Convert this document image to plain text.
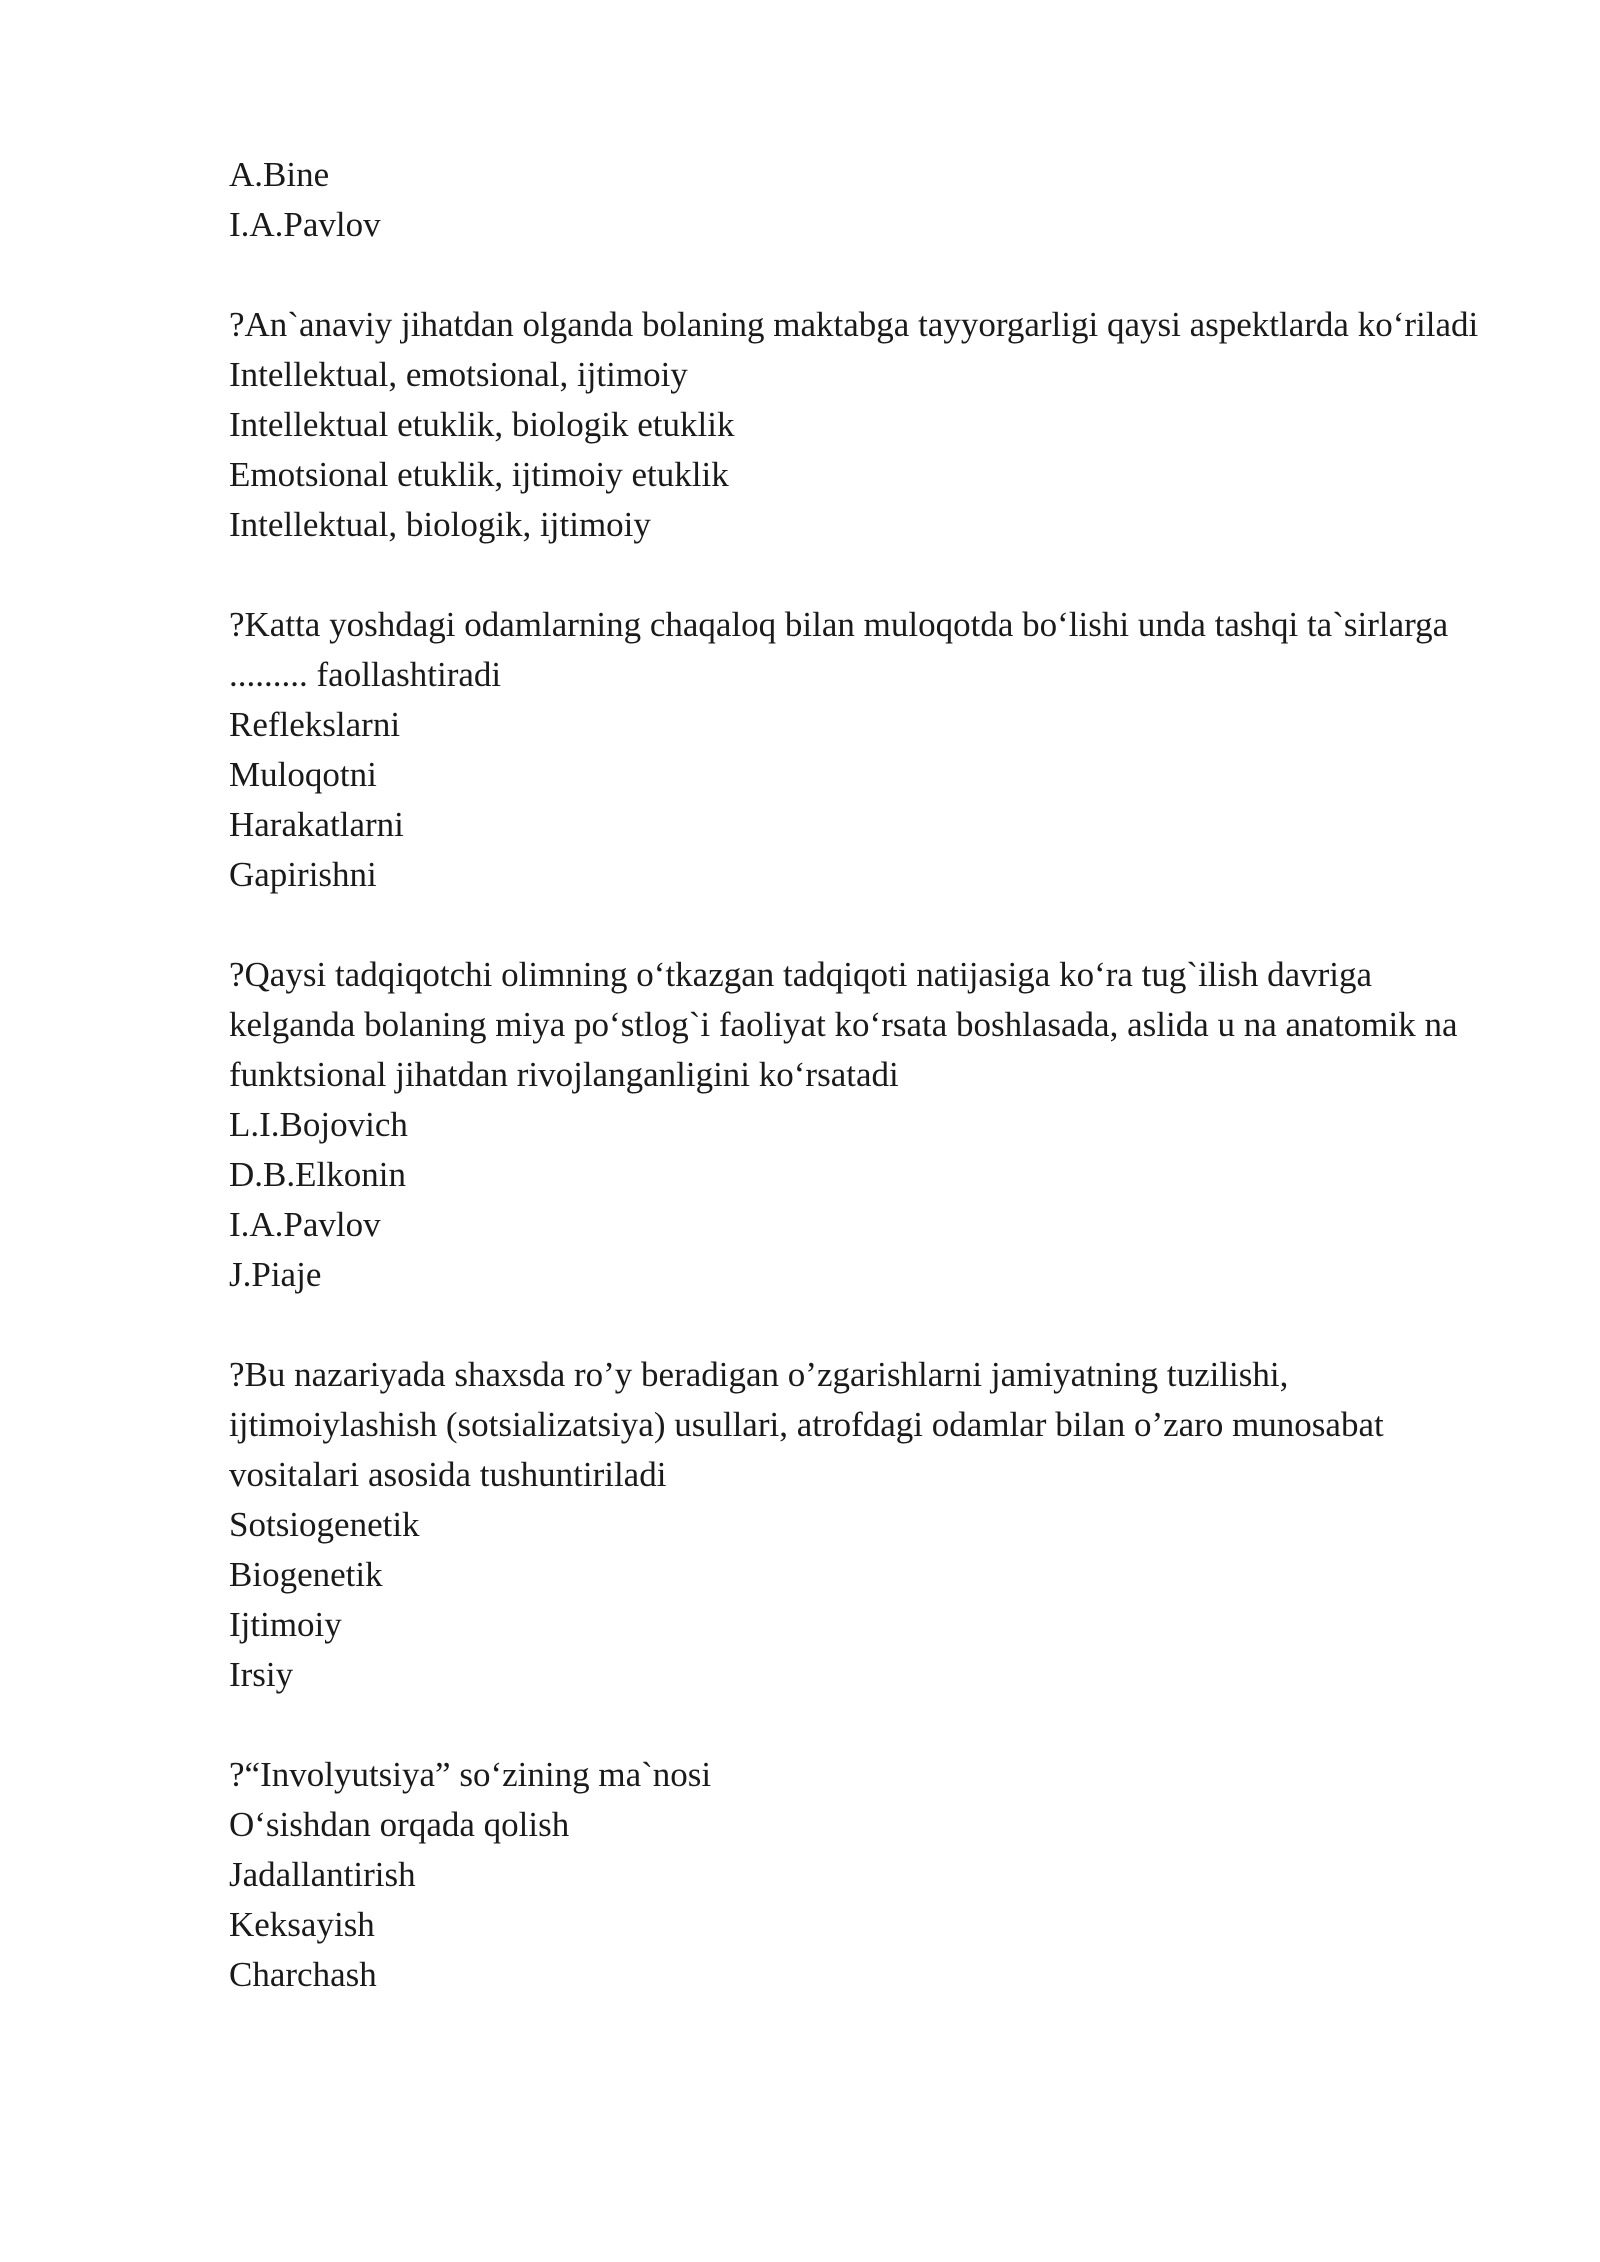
A.Bine

I.A.Pavlov

?An`anaviy jihatdan olganda bolaning maktabga tayyorgarligi qaysi aspektlarda ko‘riladi

Intellektual, emotsional, ijtimoiy

Intellektual etuklik, biologik etuklik

Emotsional etuklik, ijtimoiy etuklik

Intellektual, biologik, ijtimoiy

?Katta yoshdagi odamlarning chaqaloq bilan muloqotda bo‘lishi unda tashqi ta`sirlarga ......... faollashtiradi

Reflekslarni

Muloqotni

Harakatlarni

Gapirishni

?Qaysi tadqiqotchi olimning o‘tkazgan tadqiqoti natijasiga ko‘ra tug`ilish davriga kelganda bolaning miya po‘stlog`i faoliyat ko‘rsata boshlasada, aslida u na anatomik na funktsional jihatdan rivojlanganligini ko‘rsatadi

L.I.Bojovich

D.B.Elkonin

I.A.Pavlov

J.Piaje

?Bu nazariyada shaxsda ro’y beradigan o’zgarishlarni jamiyatning tuzilishi, ijtimoiylashish (sotsializatsiya) usullari, atrofdagi odamlar bilan o’zaro munosabat vositalari asosida tushuntiriladi

Sotsiogenetik

Biogenetik

Ijtimoiy

Irsiy

?“Involyutsiya” so‘zining ma`nosi

O‘sishdan orqada qolish

Jadallantirish

Keksayish

Charchash
